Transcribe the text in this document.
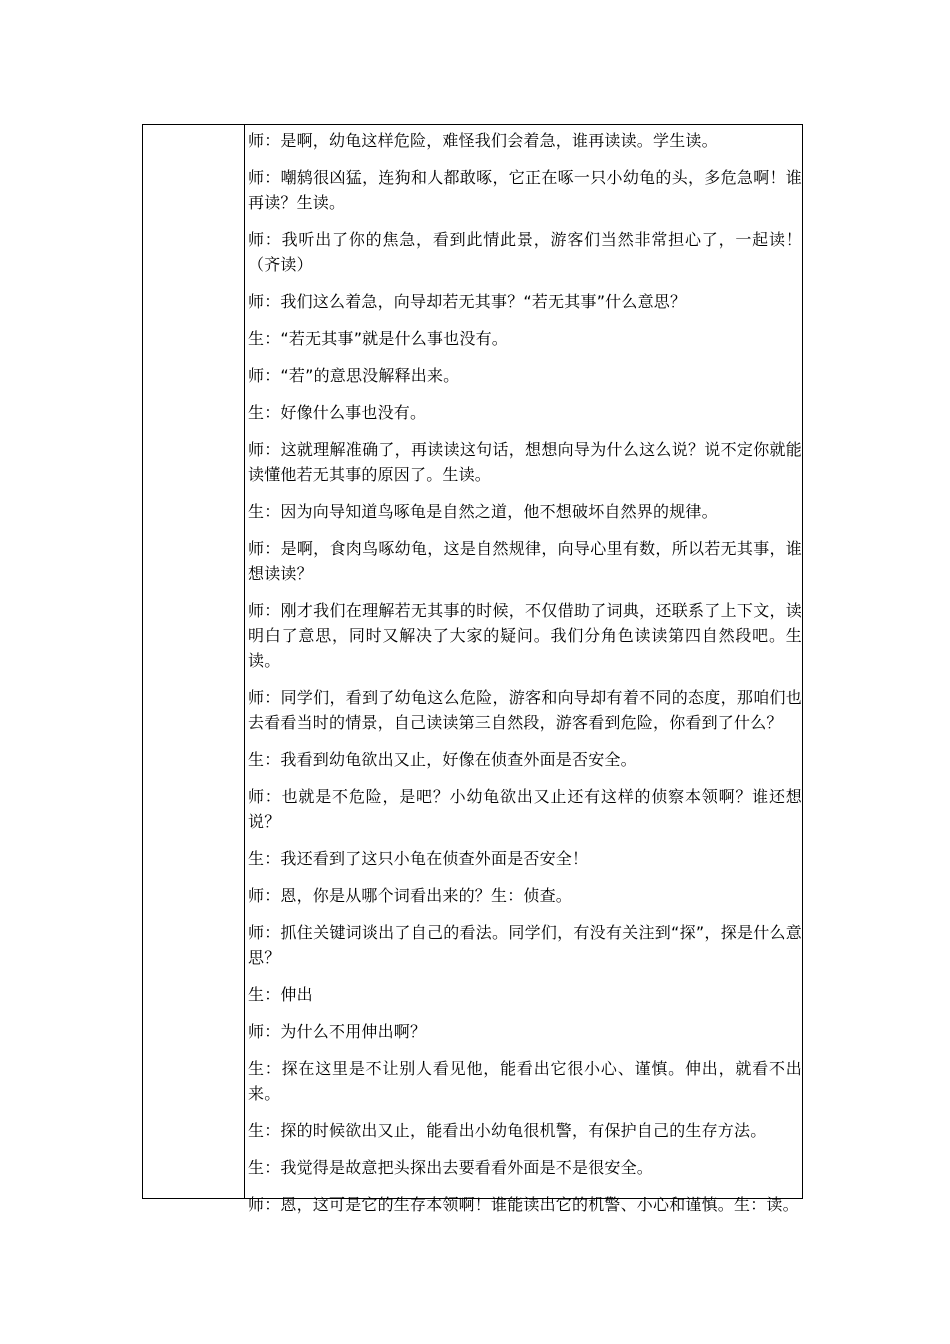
师：是啊，幼龟这样危险，难怪我们会着急，谁再读读。学生读。

师：嘲鸫很凶猛，连狗和人都敢啄，它正在啄一只小幼龟的头，多危急啊！谁再读？生读。

师：我听出了你的焦急，看到此情此景，游客们当然非常担心了，一起读！（齐读）

师：我们这么着急，向导却若无其事？“若无其事”什么意思？

生：“若无其事”就是什么事也没有。

师：“若”的意思没解释出来。

生：好像什么事也没有。

师：这就理解准确了，再读读这句话，想想向导为什么这么说？说不定你就能读懂他若无其事的原因了。生读。

生：因为向导知道鸟啄龟是自然之道，他不想破坏自然界的规律。

师：是啊，食肉鸟啄幼龟，这是自然规律，向导心里有数，所以若无其事，谁想读读？

师：刚才我们在理解若无其事的时候，不仅借助了词典，还联系了上下文，读明白了意思，同时又解决了大家的疑问。我们分角色读读第四自然段吧。生读。

师：同学们，看到了幼龟这么危险，游客和向导却有着不同的态度，那咱们也去看看当时的情景，自己读读第三自然段，游客看到危险，你看到了什么？

生：我看到幼龟欲出又止，好像在侦查外面是否安全。

师：也就是不危险，是吧？小幼龟欲出又止还有这样的侦察本领啊？谁还想说？

生：我还看到了这只小龟在侦查外面是否安全！

师：恩，你是从哪个词看出来的？生：侦查。

师：抓住关键词谈出了自己的看法。同学们，有没有关注到“探”，探是什么意思？

生：伸出

师：为什么不用伸出啊？

生：探在这里是不让别人看见他，能看出它很小心、谨慎。伸出，就看不出来。

生：探的时候欲出又止，能看出小幼龟很机警，有保护自己的生存方法。

生：我觉得是故意把头探出去要看看外面是不是很安全。

师：恩，这可是它的生存本领啊！谁能读出它的机警、小心和谨慎。生：读。
